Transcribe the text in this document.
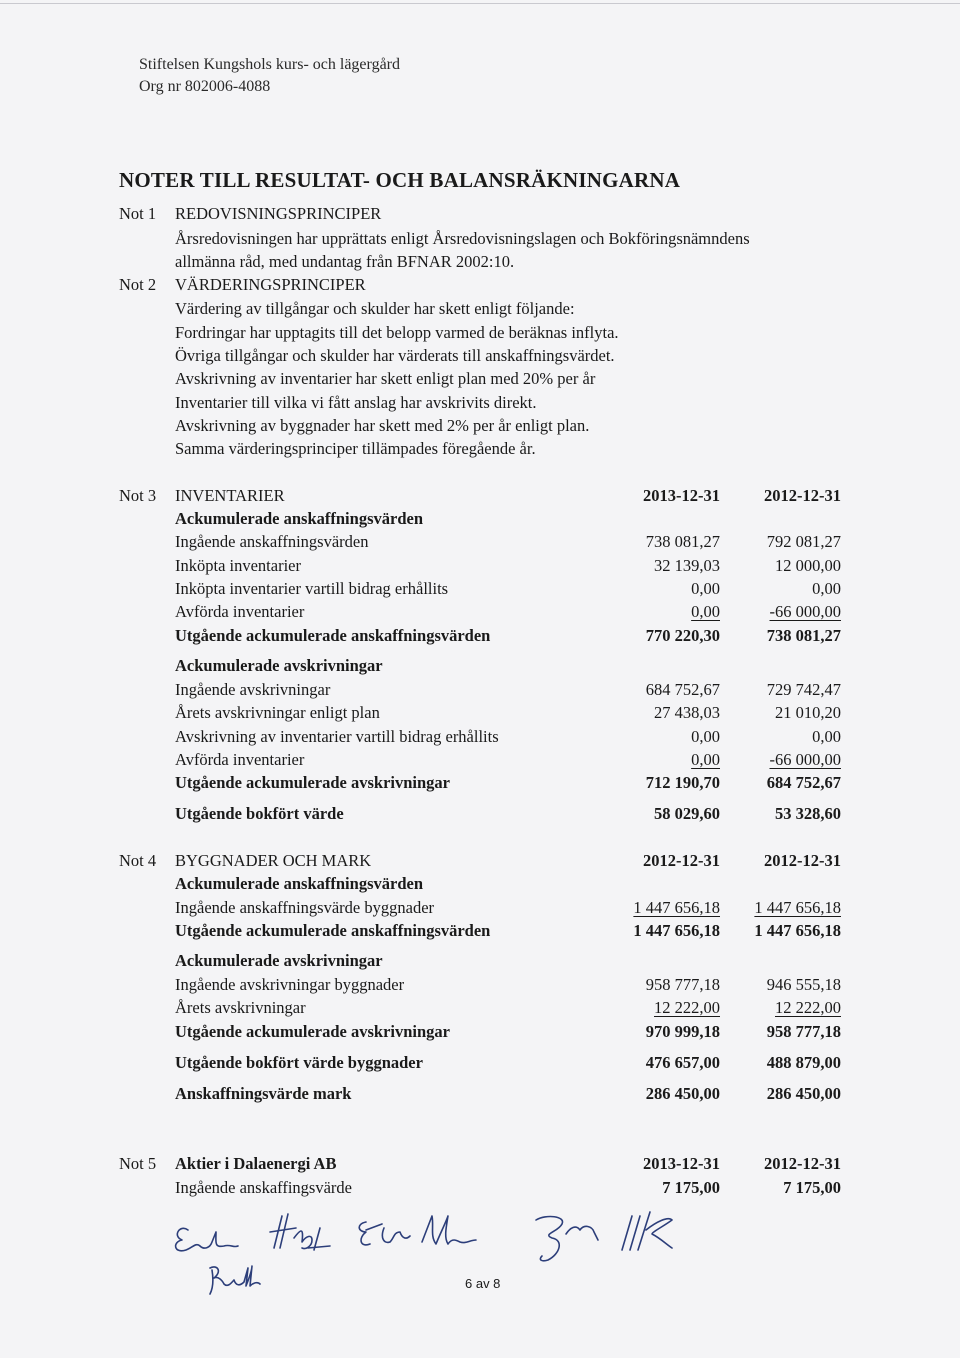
Stiftelsen Kungshols kurs- och lägergård
Org nr 802006-4088
NOTER TILL RESULTAT- OCH BALANSRÄKNINGARNA
Not 1 REDOVISNINGSPRINCIPER
Årsredovisningen har upprättats enligt Årsredovisningslagen och Bokföringsnämndens
allmänna råd, med undantag från BFNAR 2002:10.
Not 2 VÄRDERINGSPRINCIPER
Värdering av tillgångar och skulder har skett enligt följande:
Fordringar har upptagits till det belopp varmed de beräknas inflyta.
Övriga tillgångar och skulder har värderats till anskaffningsvärdet.
Avskrivning av inventarier har skett enligt plan med 20% per år
Inventarier till vilka vi fått anslag har avskrivits direkt.
Avskrivning av byggnader har skett med 2% per år enligt plan.
Samma värderingsprinciper tillämpades föregående år.
Not 3 INVENTARIER	2013-12-31	2012-12-31
Ackumulerade anskaffningsvärden
Ingående anskaffningsvärden	738 081,27	792 081,27
Inköpta inventarier	32 139,03	12 000,00
Inköpta inventarier vartill bidrag erhållits	0,00	0,00
Avförda inventarier	0,00	-66 000,00
Utgående ackumulerade anskaffningsvärden	770 220,30	738 081,27
Ackumulerade avskrivningar
Ingående avskrivningar	684 752,67	729 742,47
Årets avskrivningar enligt plan	27 438,03	21 010,20
Avskrivning av inventarier vartill bidrag erhållits	0,00	0,00
Avförda inventarier	0,00	-66 000,00
Utgående ackumulerade avskrivningar	712 190,70	684 752,67
Utgående bokfört värde	58 029,60	53 328,60
Not 4 BYGGNADER OCH MARK	2012-12-31	2012-12-31
Ackumulerade anskaffningsvärden
Ingående anskaffningsvärde byggnader	1 447 656,18	1 447 656,18
Utgående ackumulerade anskaffningsvärden	1 447 656,18	1 447 656,18
Ackumulerade avskrivningar
Ingående avskrivningar byggnader	958 777,18	946 555,18
Årets avskrivningar	12 222,00	12 222,00
Utgående ackumulerade avskrivningar	970 999,18	958 777,18
Utgående bokfört värde byggnader	476 657,00	488 879,00
Anskaffningsvärde mark	286 450,00	286 450,00
Not 5 Aktier i Dalaenergi AB	2013-12-31	2012-12-31
Ingående anskaffingsvärde	7 175,00	7 175,00
6 av 8
